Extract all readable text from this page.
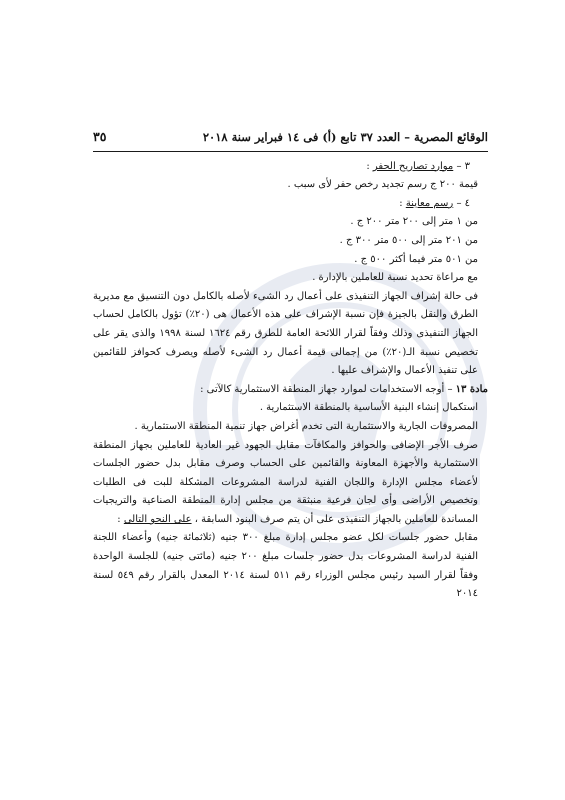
الوقائع المصرية – العدد ٣٧ تابع (أ) فى ١٤ فبراير سنة ٢٠١٨
٣٥

٣ – موارد تصاريح الحفر :

قيمة ٢٠٠ ج رسم تجديد رخص حفر لأى سبب .

٤ – رسم معاينة :

من ١ متر إلى ٢٠٠ متر ٢٠٠ ج .

من ٢٠١ متر إلى ٥٠٠ متر ٣٠٠ ج .

من ٥٠١ متر فيما أكثر ٥٠٠ ج .

مع مراعاة تحديد نسبة للعاملين بالإدارة .

فى حالة إشراف الجهاز التنفيذى على أعمال رد الشىء لأصله بالكامل دون التنسيق مع مديرية الطرق والنقل بالجيزة فإن نسبة الإشراف على هذه الأعمال هى (٢٠٪) تؤول بالكامل لحساب الجهاز التنفيذى وذلك وفقاً لقرار اللائحة العامة للطرق رقم ١٦٢٤ لسنة ١٩٩٨ والذى يقر على تخصيص نسبة الـ(٢٠٪) من إجمالى قيمة أعمال رد الشىء لأصله ويصرف كحوافز للقائمين على تنفيذ الأعمال والإشراف عليها .

مادة ١٣ – أوجه الاستخدامات لموارد جهاز المنطقة الاستثمارية كالآتى :

استكمال إنشاء البنية الأساسية بالمنطقة الاستثمارية .

المصروفات الجارية والاستثمارية التى تخدم أغراض جهاز تنمية المنطقة الاستثمارية .

صرف الأجر الإضافى والحوافز والمكافآت مقابل الجهود غير العادية للعاملين بجهاز المنطقة الاستثمارية والأجهزة المعاونة والقائمين على الحساب وصرف مقابل بدل حضور الجلسات لأعضاء مجلس الإدارة واللجان الفنية لدراسة المشروعات المشكلة للبت فى الطلبات وتخصيص الأراضى وأى لجان فرعية منبثقة من مجلس إدارة المنطقة الصناعية والتريجيات المساندة للعاملين بالجهاز التنفيذى على أن يتم صرف البنود السابقة ، على النحو التالى :

مقابل حضور جلسات لكل عضو مجلس إدارة مبلغ ٣٠٠ جنيه (ثلاثمائة جنيه) وأعضاء اللجنة الفنية لدراسة المشروعات بدل حضور جلسات مبلغ ٢٠٠ جنيه (مائتى جنيه) للجلسة الواحدة وفقاً لقرار السيد رئيس مجلس الوزراء رقم ٥١١ لسنة ٢٠١٤ المعدل بالقرار رقم ٥٤٩ لسنة ٢٠١٤
